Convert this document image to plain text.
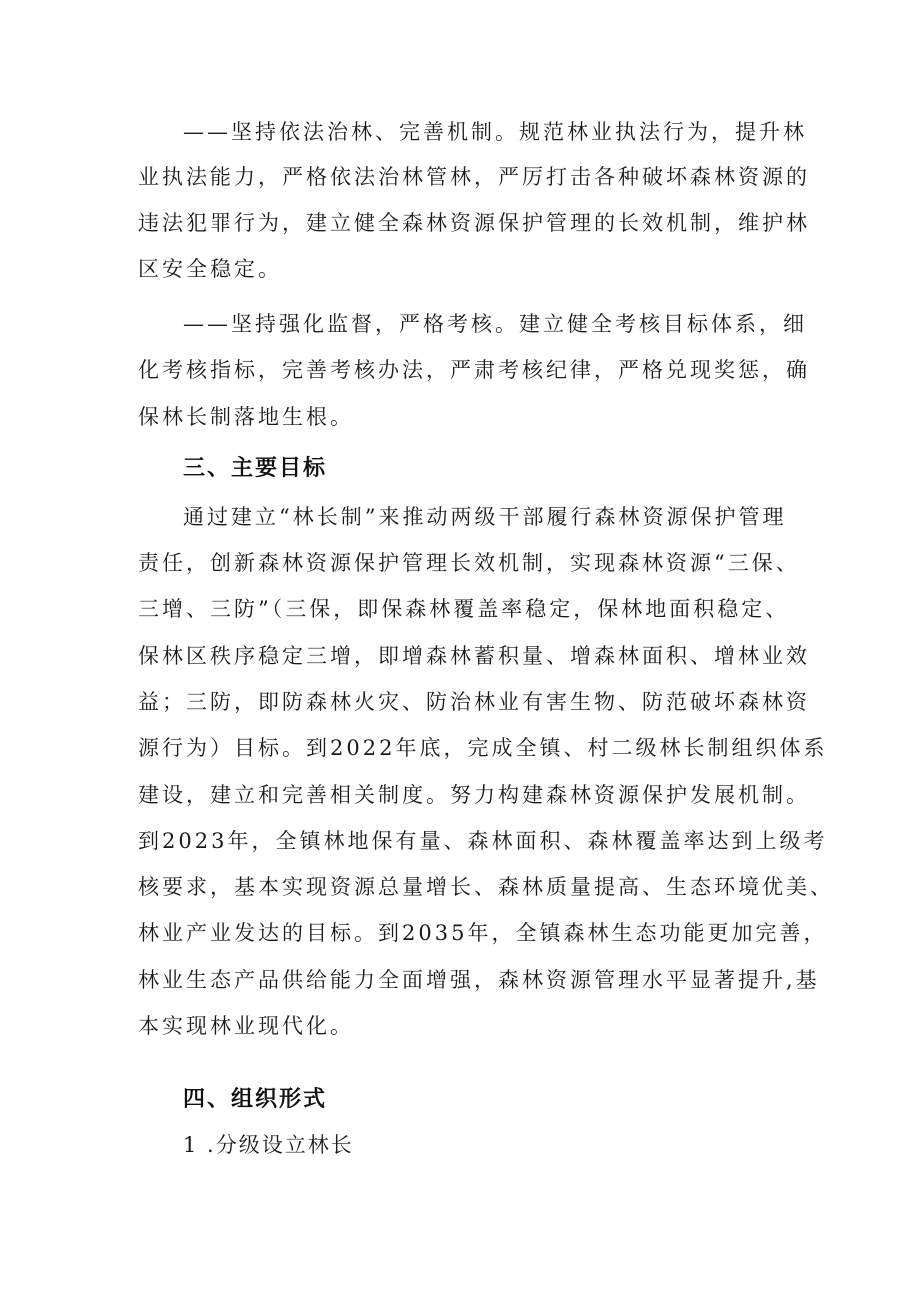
——坚持依法治林、完善机制。规范林业执法行为，提升林
业执法能力，严格依法治林管林，严厉打击各种破坏森林资源的
违法犯罪行为，建立健全森林资源保护管理的长效机制，维护林
区安全稳定。
——坚持强化监督，严格考核。建立健全考核目标体系，细
化考核指标，完善考核办法，严肃考核纪律，严格兑现奖惩，确
保林长制落地生根。
三、主要目标
通过建立“林长制”来推动两级干部履行森林资源保护管理
责任，创新森林资源保护管理长效机制，实现森林资源“三保、
三增、三防”（三保，即保森林覆盖率稳定，保林地面积稳定、
保林区秩序稳定三增，即增森林蓄积量、增森林面积、增林业效
益；三防，即防森林火灾、防治林业有害生物、防范破坏森林资
源行为）目标。到2022年底，完成全镇、村二级林长制组织体系
建设，建立和完善相关制度。努力构建森林资源保护发展机制。
到2023年，全镇林地保有量、森林面积、森林覆盖率达到上级考
核要求，基本实现资源总量增长、森林质量提高、生态环境优美、
林业产业发达的目标。到2035年，全镇森林生态功能更加完善，
林业生态产品供给能力全面增强，森林资源管理水平显著提升,基
本实现林业现代化。
四、组织形式
1 .分级设立林长
